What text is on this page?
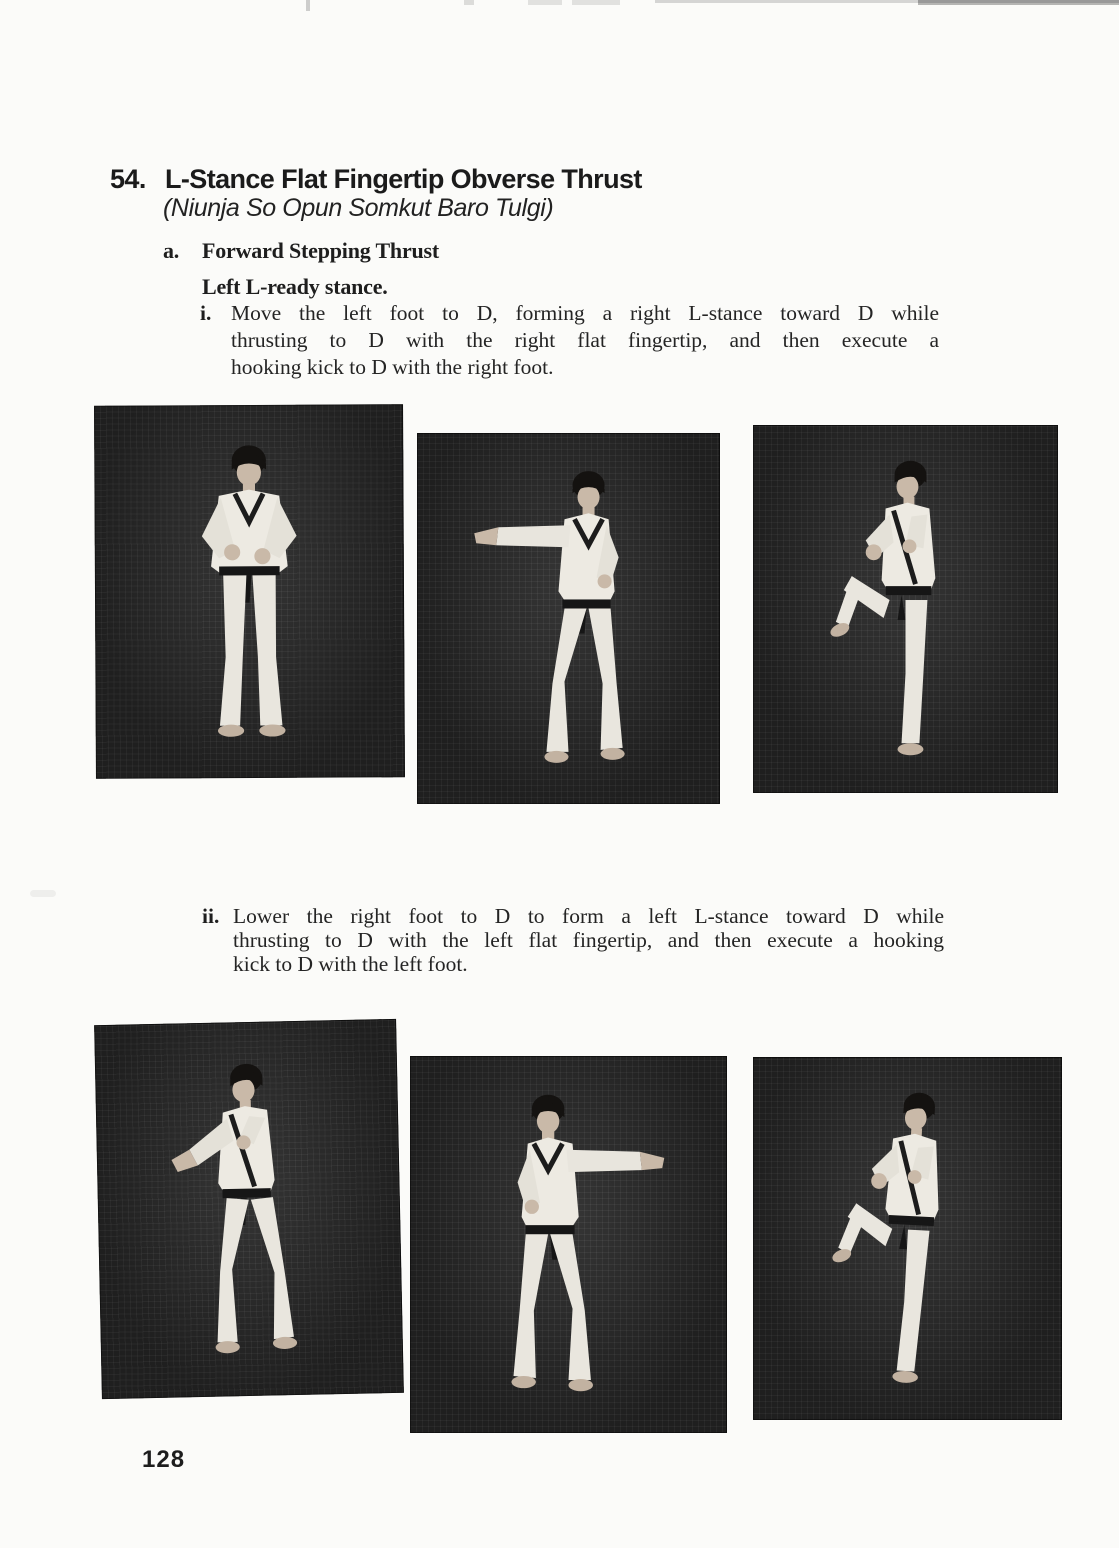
54. L-Stance Flat Fingertip Obverse Thrust
(Niunja So Opun Somkut Baro Tulgi)
a. Forward Stepping Thrust
Left L-ready stance.
i. Move the left foot to D, forming a right L-stance toward D while
thrusting to D with the right flat fingertip, and then execute a
hooking kick to D with the right foot.
ii. Lower the right foot to D to form a left L-stance toward D while
thrusting to D with the left flat fingertip, and then execute a hooking
kick to D with the left foot.
128
